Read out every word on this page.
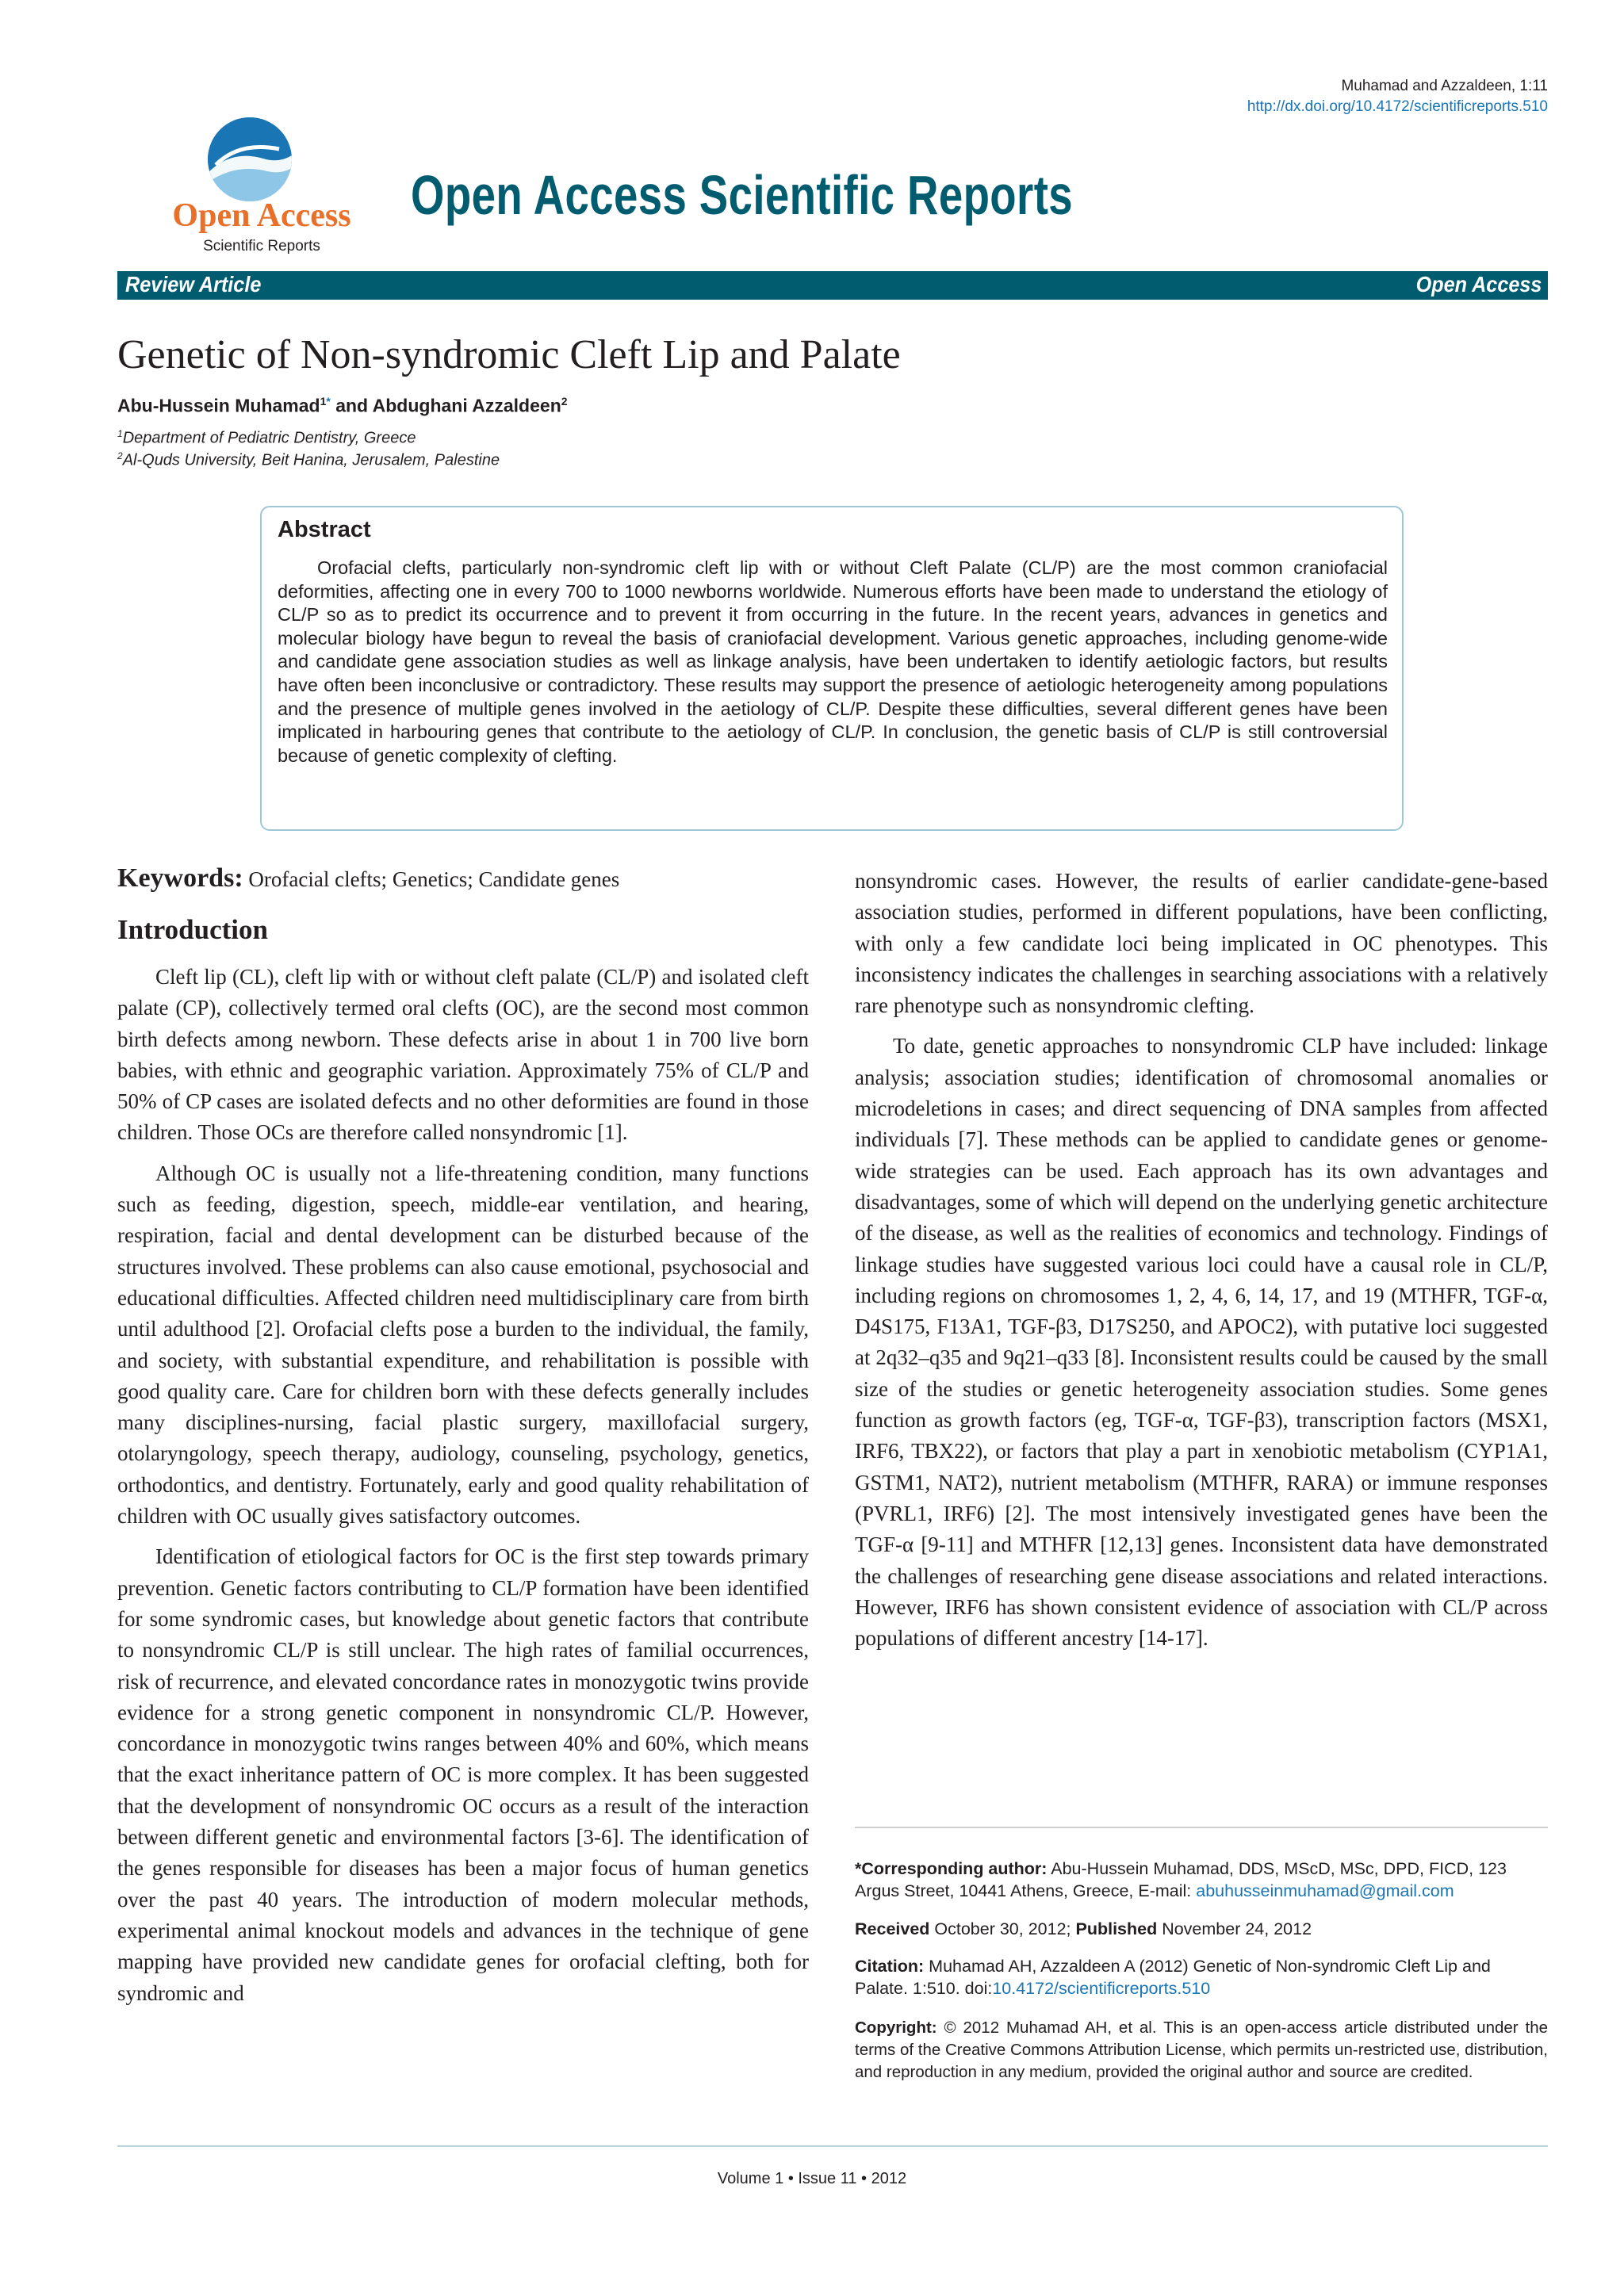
Open Access
Scientific Reports
Open Access Scientific Reports
Muhamad and Azzaldeen, 1:11
http://dx.doi.org/10.4172/scientificreports.510
Review Article	Open Access
Genetic of Non-syndromic Cleft Lip and Palate
Abu-Hussein Muhamad$^{1*}$ and Abdughani Azzaldeen$^2$
$^1$Department of Pediatric Dentistry, Greece
$^2$Al-Quds University, Beit Hanina, Jerusalem, Palestine
Abstract
Orofacial clefts, particularly non-syndromic cleft lip with or without Cleft Palate (CL/P) are the most common craniofacial deformities, affecting one in every 700 to 1000 newborns worldwide. Numerous efforts have been made to understand the etiology of CL/P so as to predict its occurrence and to prevent it from occurring in the future. In the recent years, advances in genetics and molecular biology have begun to reveal the basis of craniofacial development. Various genetic approaches, including genome-wide and candidate gene association studies as well as linkage analysis, have been undertaken to identify aetiologic factors, but results have often been inconclusive or contradictory. These results may support the presence of aetiologic heterogeneity among populations and the presence of multiple genes involved in the aetiology of CL/P. Despite these difficulties, several different genes have been implicated in harbouring genes that contribute to the aetiology of CL/P. In conclusion, the genetic basis of CL/P is still controversial because of genetic complexity of clefting.
Keywords: Orofacial clefts; Genetics; Candidate genes
Introduction

Cleft lip (CL), cleft lip with or without cleft palate (CL/P) and isolated cleft palate (CP), collectively termed oral clefts (OC), are the second most common birth defects among newborn. These defects arise in about 1 in 700 live born babies, with ethnic and geographic variation. Approximately 75% of CL/P and 50% of CP cases are isolated defects and no other deformities are found in those children. Those OCs are therefore called nonsyndromic [1].

Although OC is usually not a life-threatening condition, many functions such as feeding, digestion, speech, middle-ear ventilation, and hearing, respiration, facial and dental development can be disturbed because of the structures involved. These problems can also cause emotional, psychosocial and educational difficulties. Affected children need multidisciplinary care from birth until adulthood [2]. Orofacial clefts pose a burden to the individual, the family, and society, with substantial expenditure, and rehabilitation is possible with good quality care. Care for children born with these defects generally includes many disciplines-nursing, facial plastic surgery, maxillofacial surgery, otolaryngology, speech therapy, audiology, counseling, psychology, genetics, orthodontics, and dentistry. Fortunately, early and good quality rehabilitation of children with OC usually gives satisfactory outcomes.

Identification of etiological factors for OC is the first step towards primary prevention. Genetic factors contributing to CL/P formation have been identified for some syndromic cases, but knowledge about genetic factors that contribute to nonsyndromic CL/P is still unclear. The high rates of familial occurrences, risk of recurrence, and elevated concordance rates in monozygotic twins provide evidence for a strong genetic component in nonsyndromic CL/P. However, concordance in monozygotic twins ranges between 40% and 60%, which means that the exact inheritance pattern of OC is more complex. It has been suggested that the development of nonsyndromic OC occurs as a result of the interaction between different genetic and environmental factors [3-6]. The identification of the genes responsible for diseases has been a major focus of human genetics over the past 40 years. The introduction of modern molecular methods, experimental animal knockout models and advances in the technique of gene mapping have provided new candidate genes for orofacial clefting, both for syndromic and

nonsyndromic cases. However, the results of earlier candidate-gene-based association studies, performed in different populations, have been conflicting, with only a few candidate loci being implicated in OC phenotypes. This inconsistency indicates the challenges in searching associations with a relatively rare phenotype such as nonsyndromic clefting.

To date, genetic approaches to nonsyndromic CLP have included: linkage analysis; association studies; identification of chromosomal anomalies or microdeletions in cases; and direct sequencing of DNA samples from affected individuals [7]. These methods can be applied to candidate genes or genome-wide strategies can be used. Each approach has its own advantages and disadvantages, some of which will depend on the underlying genetic architecture of the disease, as well as the realities of economics and technology. Findings of linkage studies have suggested various loci could have a causal role in CL/P, including regions on chromosomes 1, 2, 4, 6, 14, 17, and 19 (MTHFR, TGF-α, D4S175, F13A1, TGF-β3, D17S250, and APOC2), with putative loci suggested at 2q32–q35 and 9q21–q33 [8]. Inconsistent results could be caused by the small size of the studies or genetic heterogeneity association studies. Some genes function as growth factors (eg, TGF-α, TGF-β3), transcription factors (MSX1, IRF6, TBX22), or factors that play a part in xenobiotic metabolism (CYP1A1, GSTM1, NAT2), nutrient metabolism (MTHFR, RARA) or immune responses (PVRL1, IRF6) [2]. The most intensively investigated genes have been the TGF-α [9-11] and MTHFR [12,13] genes. Inconsistent data have demonstrated the challenges of researching gene disease associations and related interactions. However, IRF6 has shown consistent evidence of association with CL/P across populations of different ancestry [14-17].

*Corresponding author: Abu-Hussein Muhamad, DDS, MScD, MSc, DPD, FICD, 123 Argus Street, 10441 Athens, Greece, E-mail: abuhusseinmuhamad@gmail.com
Received October 30, 2012; Published November 24, 2012
Citation: Muhamad AH, Azzaldeen A (2012) Genetic of Non-syndromic Cleft Lip and Palate. 1:510. doi:10.4172/scientificreports.510
Copyright: © 2012 Muhamad AH, et al. This is an open-access article distributed under the terms of the Creative Commons Attribution License, which permits un-restricted use, distribution, and reproduction in any medium, provided the original author and source are credited.
Volume 1 • Issue 11 • 2012
